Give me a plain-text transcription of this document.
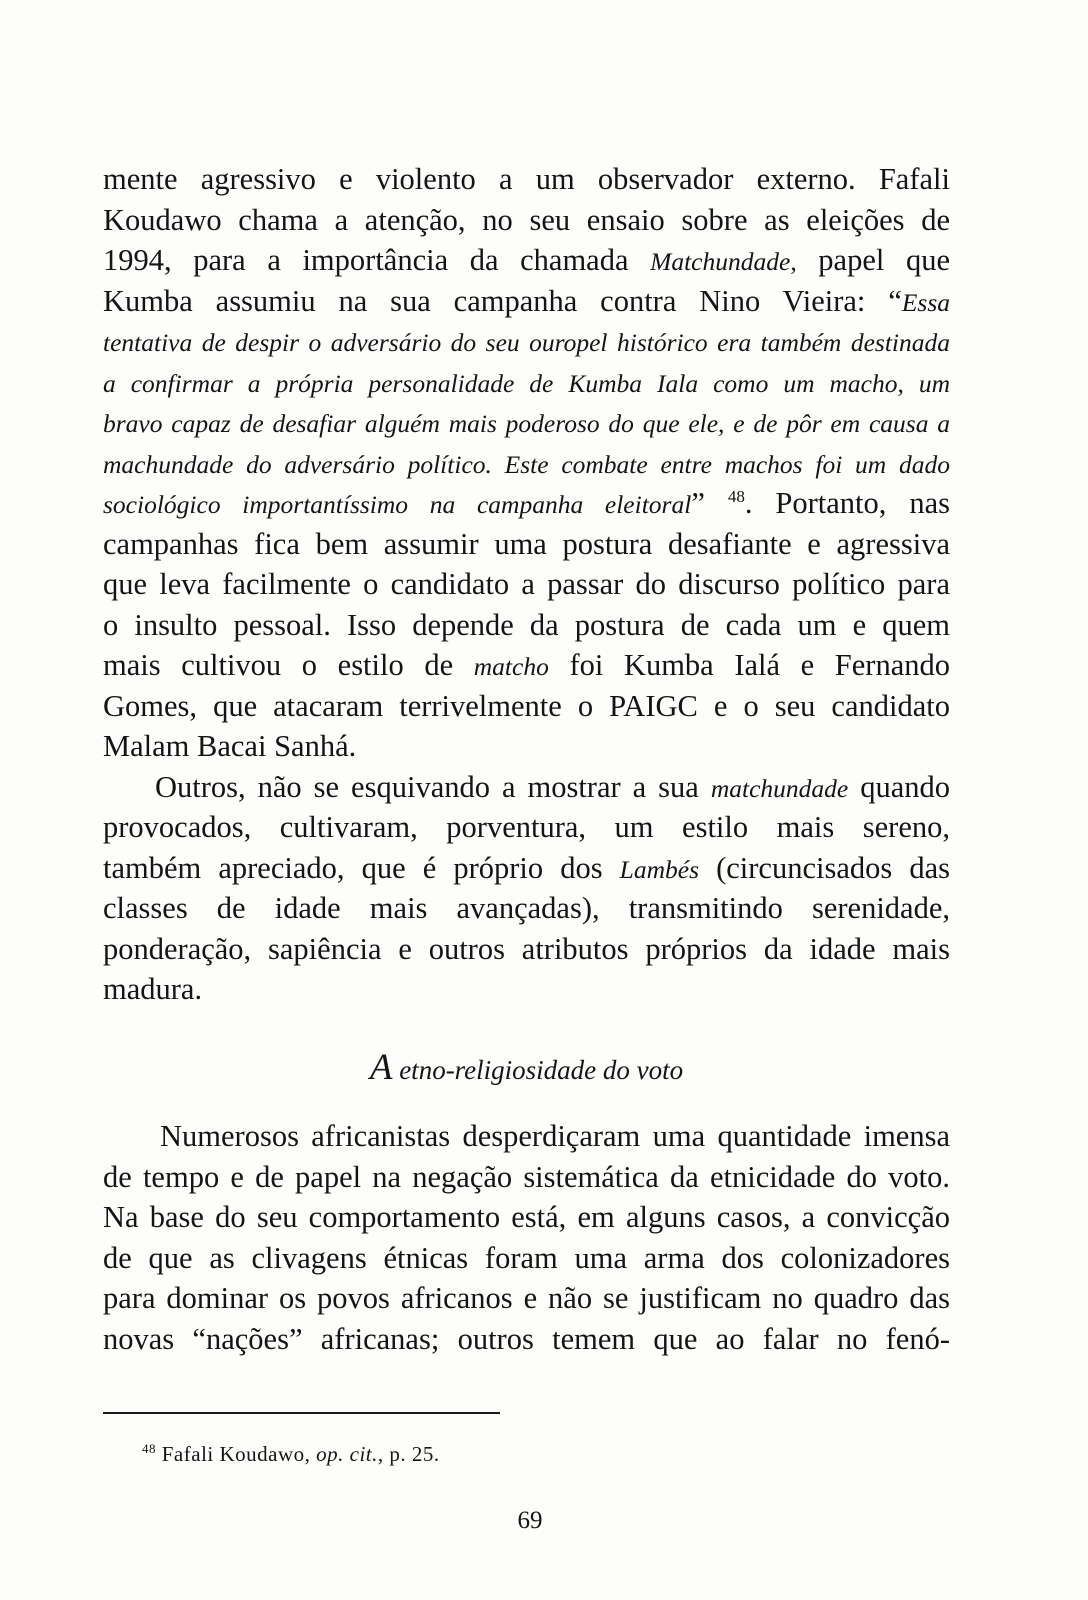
mente agressivo e violento a um observador externo. Fafali
Koudawo chama a atenção, no seu ensaio sobre as eleições de
1994, para a importância da chamada Matchundade, papel que
Kumba assumiu na sua campanha contra Nino Vieira: “Essa
tentativa de despir o adversário do seu ouropel histórico era também destinada
a confirmar a própria personalidade de Kumba Iala como um macho, um
bravo capaz de desafiar alguém mais poderoso do que ele, e de pôr em causa a
machundade do adversário político. Este combate entre machos foi um dado
sociológico importantíssimo na campanha eleitoral” $^{48}$. Portanto, nas
campanhas fica bem assumir uma postura desafiante e agressiva
que leva facilmente o candidato a passar do discurso político para
o insulto pessoal. Isso depende da postura de cada um e quem
mais cultivou o estilo de matcho foi Kumba Ialá e Fernando
Gomes, que atacaram terrivelmente o PAIGC e o seu candidato
Malam Bacai Sanhá.
Outros, não se esquivando a mostrar a sua matchundade quando
provocados, cultivaram, porventura, um estilo mais sereno,
também apreciado, que é próprio dos Lambés (circuncisados das
classes de idade mais avançadas), transmitindo serenidade,
ponderação, sapiência e outros atributos próprios da idade mais
madura.
A etno-religiosidade do voto
Numerosos africanistas desperdiçaram uma quantidade imensa
de tempo e de papel na negação sistemática da etnicidade do voto.
Na base do seu comportamento está, em alguns casos, a convicção
de que as clivagens étnicas foram uma arma dos colonizadores
para dominar os povos africanos e não se justificam no quadro das
novas “nações” africanas; outros temem que ao falar no fenó-
$^{48}$ Fafali Koudawo, op. cit., p. 25.
69
